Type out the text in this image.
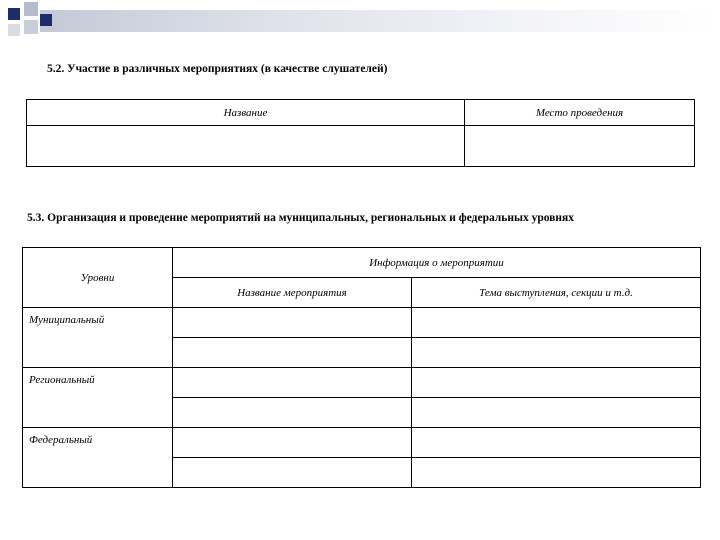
5.2. Участие в различных мероприятиях (в качестве слушателей)
Название	Место проведения

5.3. Организация и проведение мероприятий на муниципальных, региональных и федеральных уровнях
Уровни	Информация о мероприятии	
	Название мероприятия	Тема выступления, секции и т.д.

Муниципальный		

Региональный		

Федеральный		
